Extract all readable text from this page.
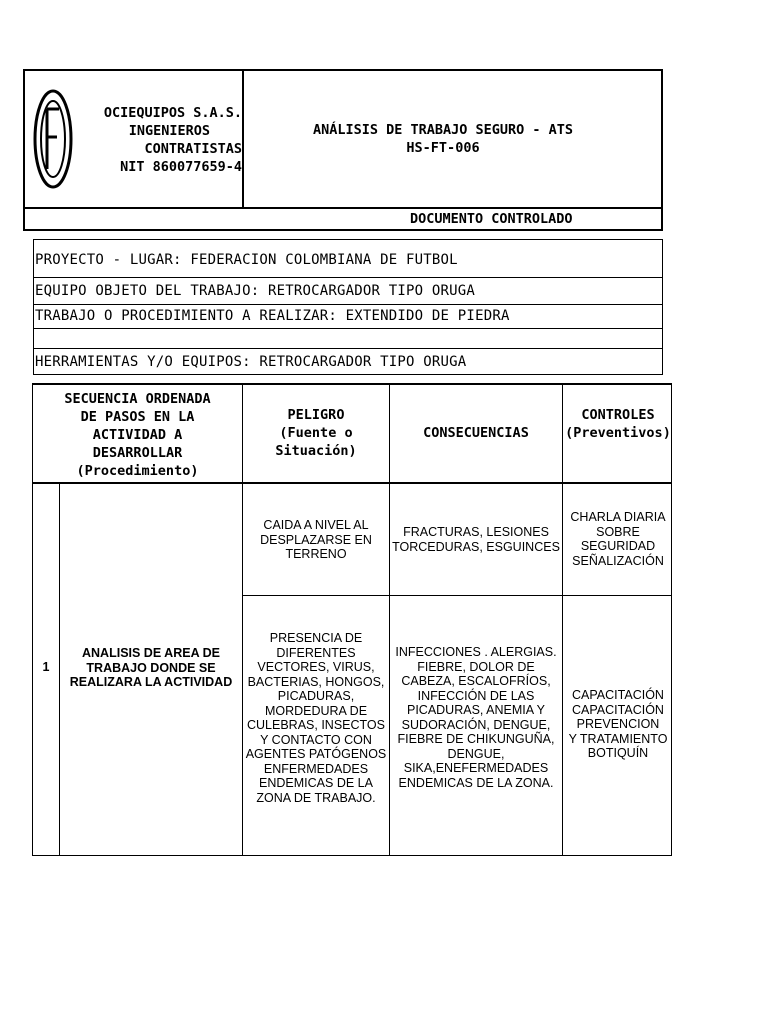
OCIEQUIPOS S.A.S.
INGENIEROS
CONTRATISTAS
NIT 860077659-4
ANÁLISIS DE TRABAJO SEGURO - ATS
HS-FT-006
DOCUMENTO CONTROLADO
PROYECTO - LUGAR: FEDERACION COLOMBIANA DE FUTBOL
EQUIPO OBJETO DEL TRABAJO: RETROCARGADOR TIPO ORUGA
TRABAJO O PROCEDIMIENTO A REALIZAR: EXTENDIDO DE PIEDRA
HERRAMIENTAS Y/O EQUIPOS: RETROCARGADOR TIPO ORUGA
SECUENCIA ORDENADA
DE PASOS EN LA
ACTIVIDAD A
DESARROLLAR
(Procedimiento)
PELIGRO
(Fuente o
Situación)
CONSECUENCIAS
CONTROLES
(Preventivos)
1
ANALISIS DE AREA DE
TRABAJO DONDE SE
REALIZARA LA ACTIVIDAD
CAIDA A NIVEL AL
DESPLAZARSE EN
TERRENO
FRACTURAS, LESIONES
TORCEDURAS, ESGUINCES
CHARLA DIARIA
SOBRE SEGURIDAD
SEÑALIZACIÓN
PRESENCIA DE
DIFERENTES
VECTORES, VIRUS,
BACTERIAS, HONGOS,
PICADURAS,
MORDEDURA DE
CULEBRAS, INSECTOS
Y CONTACTO CON
AGENTES PATÓGENOS
ENFERMEDADES
ENDEMICAS DE LA
ZONA DE TRABAJO.
INFECCIONES . ALERGIAS.
FIEBRE, DOLOR DE
CABEZA, ESCALOFRÍOS,
INFECCIÓN DE LAS
PICADURAS, ANEMIA Y
SUDORACIÓN, DENGUE,
FIEBRE DE CHIKUNGUÑA,
DENGUE,
SIKA,ENEFERMEDADES
ENDEMICAS DE LA ZONA.
CAPACITACIÓN
CAPACITACIÓN
PREVENCION
Y TRATAMIENTO
BOTIQUÍN
